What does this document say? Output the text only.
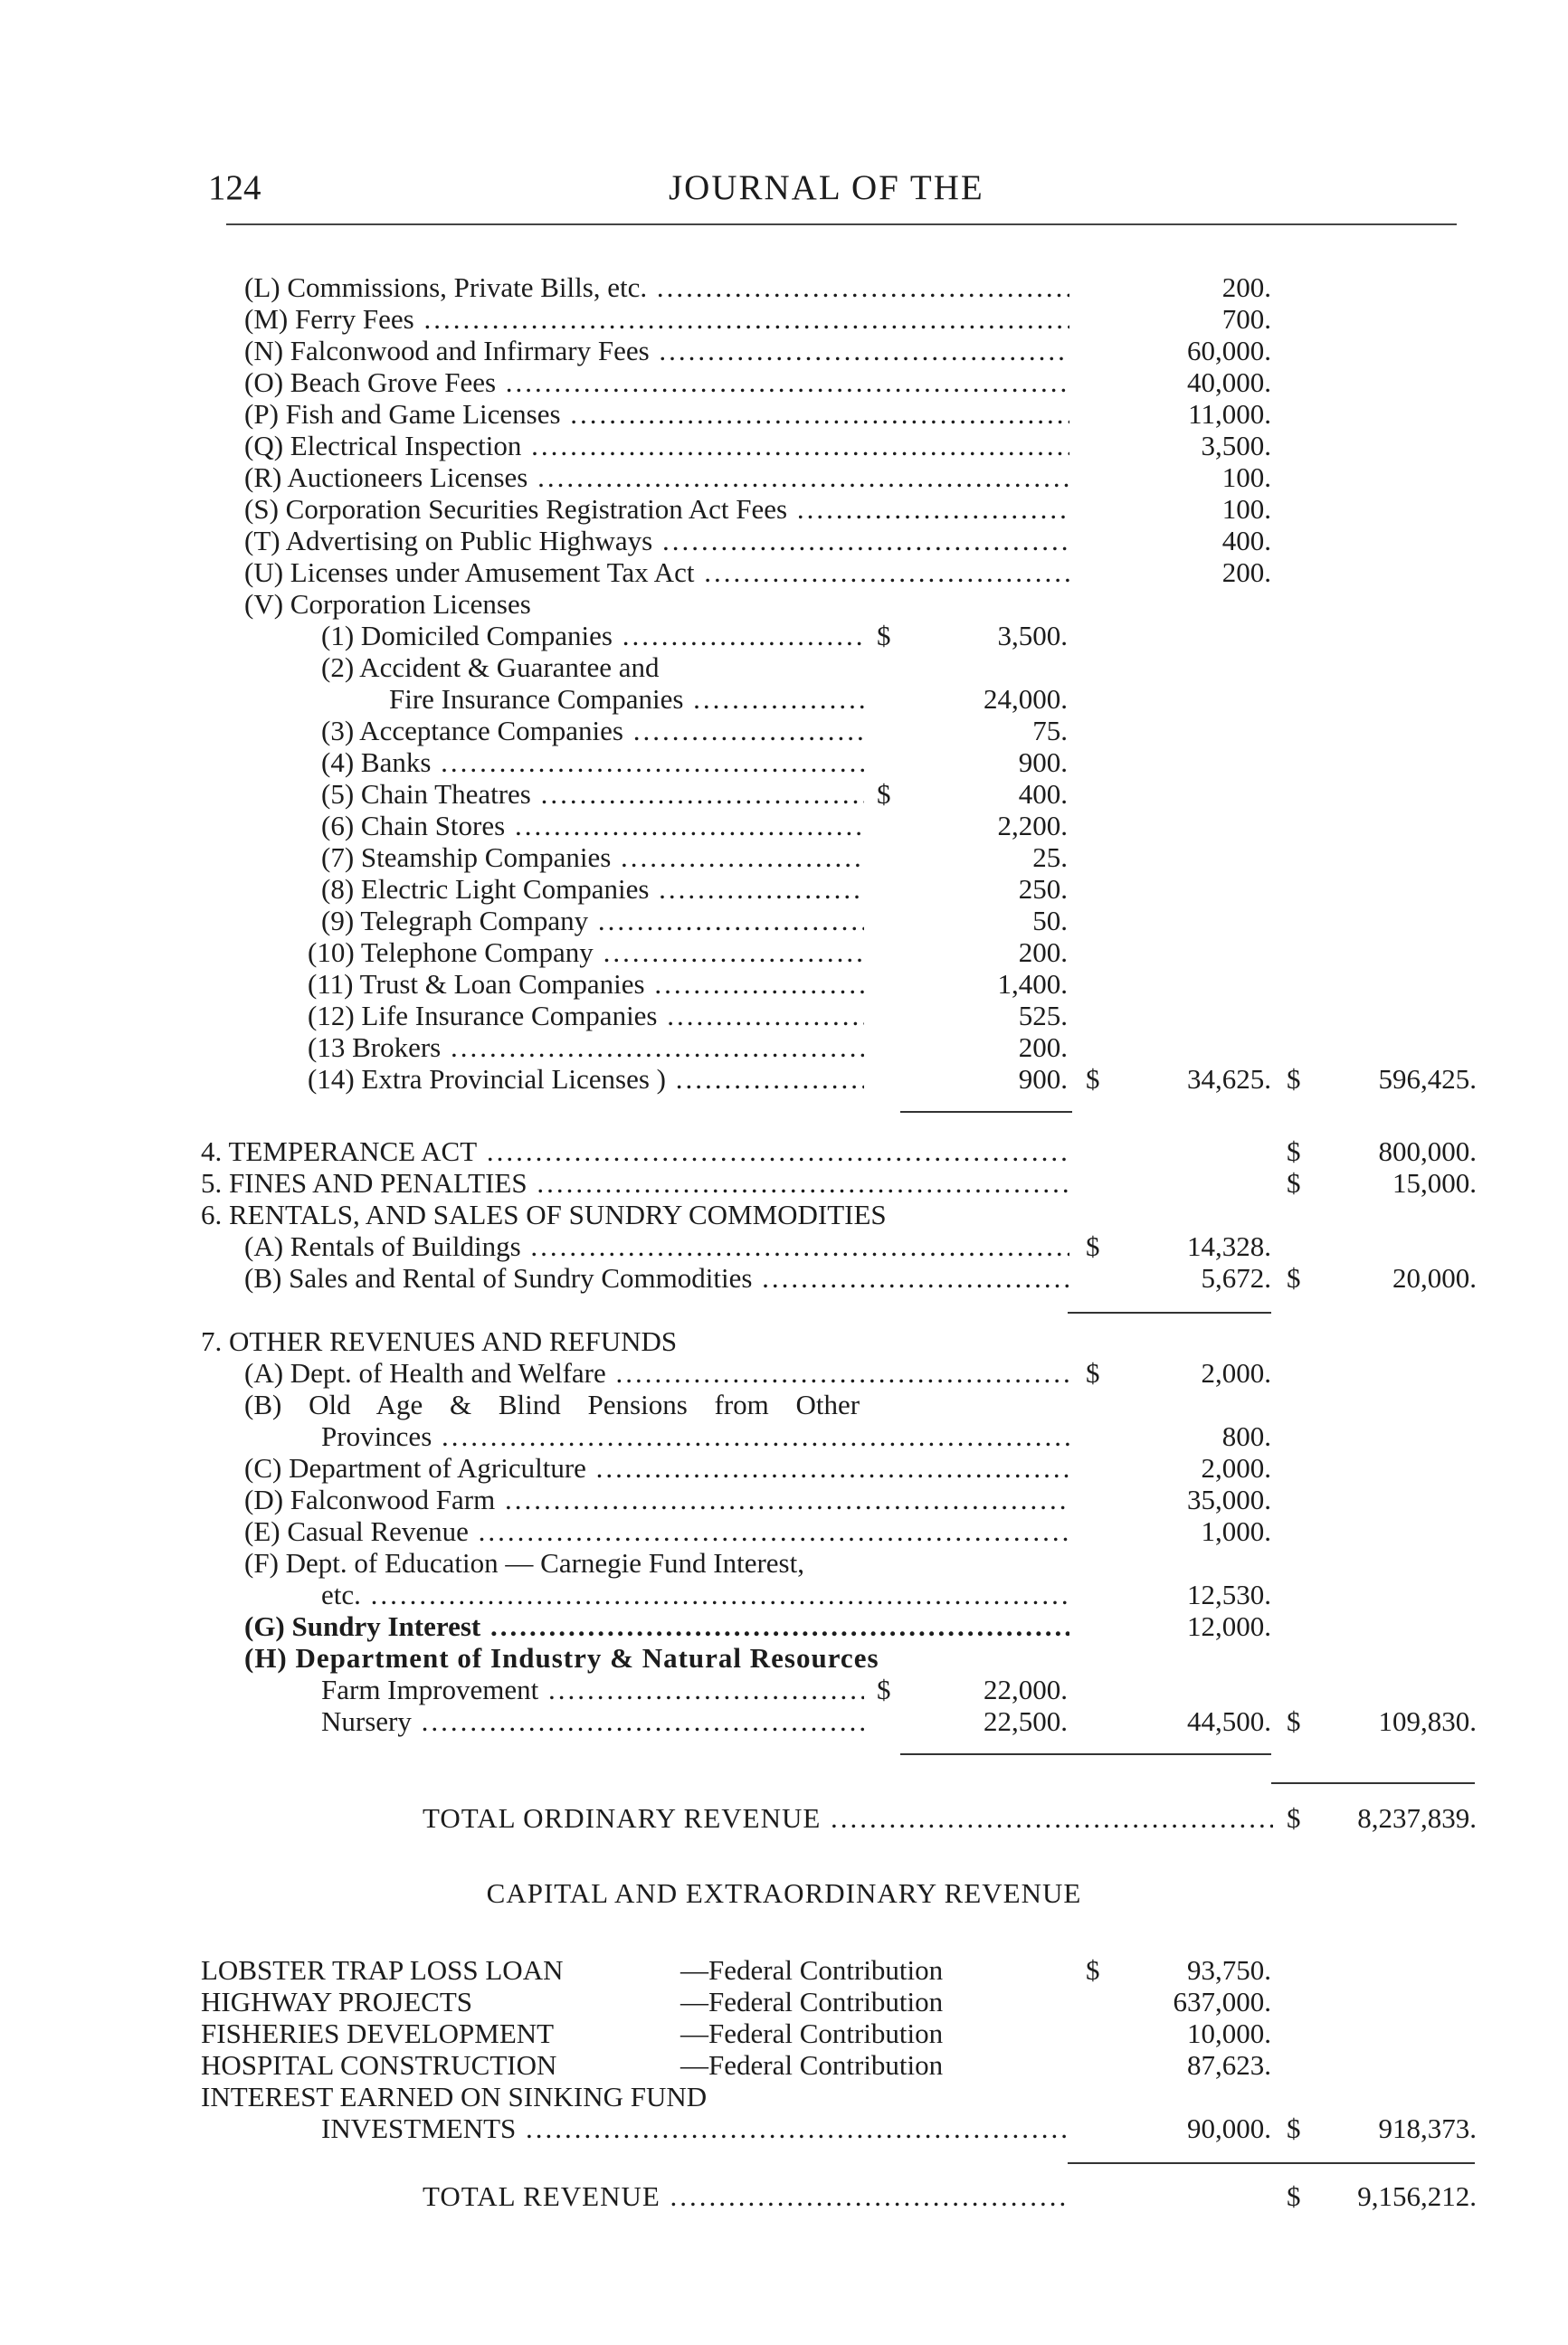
124	JOURNAL OF THE
(L) Commissions, Private Bills, etc. .....	200.
(M) Ferry Fees .....	700.
(N) Falconwood and Infirmary Fees .....	60,000.
(O) Beach Grove Fees .....	40,000.
(P) Fish and Game Licenses .....	11,000.
(Q) Electrical Inspection .....	3,500.
(R) Auctioneers Licenses .....	100.
(S) Corporation Securities Registration Act Fees .....	100.
(T) Advertising on Public Highways .....	400.
(U) Licenses under Amusement Tax Act .....	200.
(V) Corporation Licenses
(1) Domiciled Companies .....	$	3,500.
(2) Accident & Guarantee and
Fire Insurance Companies .....	24,000.
(3) Acceptance Companies .....	75.
(4) Banks .....	900.
(5) Chain Theatres .....	$	400.
(6) Chain Stores .....	2,200.
(7) Steamship Companies .....	25.
(8) Electric Light Companies .....	250.
(9) Telegraph Company .....	50.
(10) Telephone Company .....	200.
(11) Trust & Loan Companies .....	1,400.
(12) Life Insurance Companies .....	525.
(13 Brokers .....	200.
(14) Extra Provincial Licenses ) .....	900. $	34,625. $	596,425.
4. TEMPERANCE ACT .....	$	800,000.
5. FINES AND PENALTIES .....	$	15,000.
6. RENTALS, AND SALES OF SUNDRY COMMODITIES
(A) Rentals of Buildings .....	$	14,328.
(B) Sales and Rental of Sundry Commodities .....	5,672. $	20,000.
7. OTHER REVENUES AND REFUNDS
(A) Dept. of Health and Welfare .....	$	2,000.
(B) Old Age & Blind Pensions from Other
Provinces .....	800.
(C) Department of Agriculture .....	2,000.
(D) Falconwood Farm .....	35,000.
(E) Casual Revenue .....	1,000.
(F) Dept. of Education — Carnegie Fund Interest,
etc. .....	12,530.
(G) Sundry Interest .....	12,000.
(H) Department of Industry & Natural Resources
Farm Improvement .....	$	22,000.
Nursery .....	22,500.	44,500. $	109,830.
TOTAL ORDINARY REVENUE .....	$	8,237,839.
CAPITAL AND EXTRAORDINARY REVENUE
LOBSTER TRAP LOSS LOAN	—Federal Contribution	$	93,750.
HIGHWAY PROJECTS	—Federal Contribution	637,000.
FISHERIES DEVELOPMENT	—Federal Contribution	10,000.
HOSPITAL CONSTRUCTION	—Federal Contribution	87,623.
INTEREST EARNED ON SINKING FUND
INVESTMENTS .....	90,000. $	918,373.
TOTAL REVENUE .....	$	9,156,212.
